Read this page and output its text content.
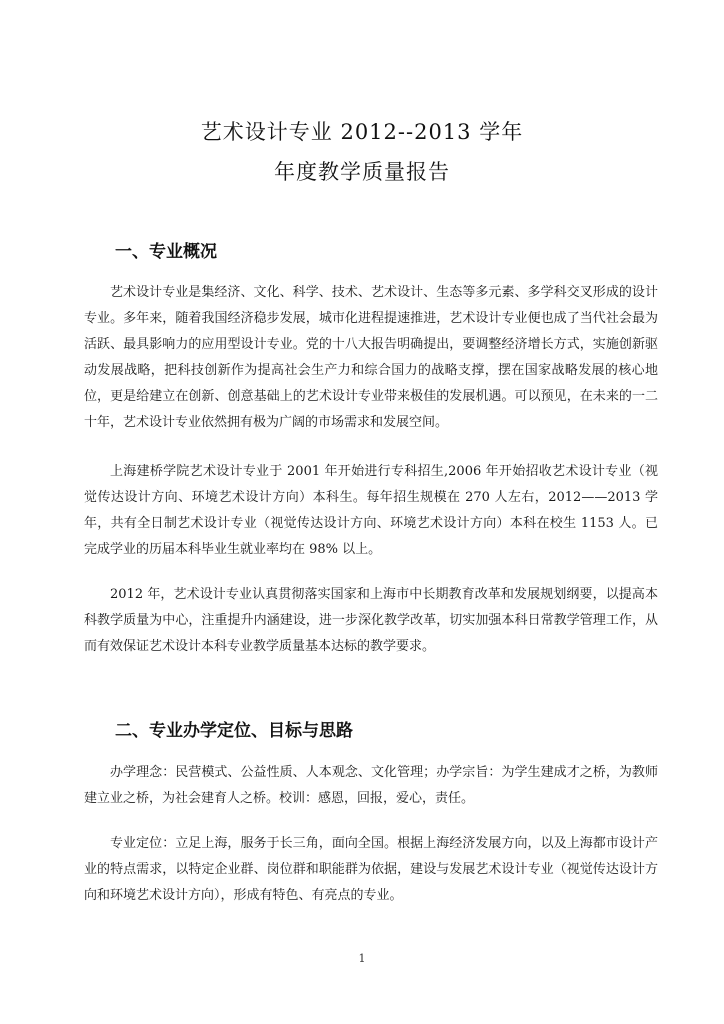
艺术设计专业 2012--2013 学年
年度教学质量报告
一、专业概况

艺术设计专业是集经济、文化、科学、技术、艺术设计、生态等多元素、多学科交叉形成的设计专业。多年来，随着我国经济稳步发展，城市化进程提速推进，艺术设计专业便也成了当代社会最为活跃、最具影响力的应用型设计专业。党的十八大报告明确提出，要调整经济增长方式，实施创新驱动发展战略，把科技创新作为提高社会生产力和综合国力的战略支撑，摆在国家战略发展的核心地位，更是给建立在创新、创意基础上的艺术设计专业带来极佳的发展机遇。可以预见，在未来的一二十年，艺术设计专业依然拥有极为广阔的市场需求和发展空间。

上海建桥学院艺术设计专业于 2001 年开始进行专科招生,2006 年开始招收艺术设计专业（视觉传达设计方向、环境艺术设计方向）本科生。每年招生规模在 270 人左右，2012——2013 学年，共有全日制艺术设计专业（视觉传达设计方向、环境艺术设计方向）本科在校生 1153 人。已完成学业的历届本科毕业生就业率均在 98% 以上。

2012 年，艺术设计专业认真贯彻落实国家和上海市中长期教育改革和发展规划纲要，以提高本科教学质量为中心，注重提升内涵建设，进一步深化教学改革，切实加强本科日常教学管理工作，从而有效保证艺术设计本科专业教学质量基本达标的教学要求。

二、专业办学定位、目标与思路

办学理念：民营模式、公益性质、人本观念、文化管理；办学宗旨：为学生建成才之桥，为教师建立业之桥，为社会建育人之桥。校训：感恩，回报，爱心，责任。

专业定位：立足上海，服务于长三角，面向全国。根据上海经济发展方向，以及上海都市设计产业的特点需求，以特定企业群、岗位群和职能群为依据，建设与发展艺术设计专业（视觉传达设计方向和环境艺术设计方向），形成有特色、有亮点的专业。

1
